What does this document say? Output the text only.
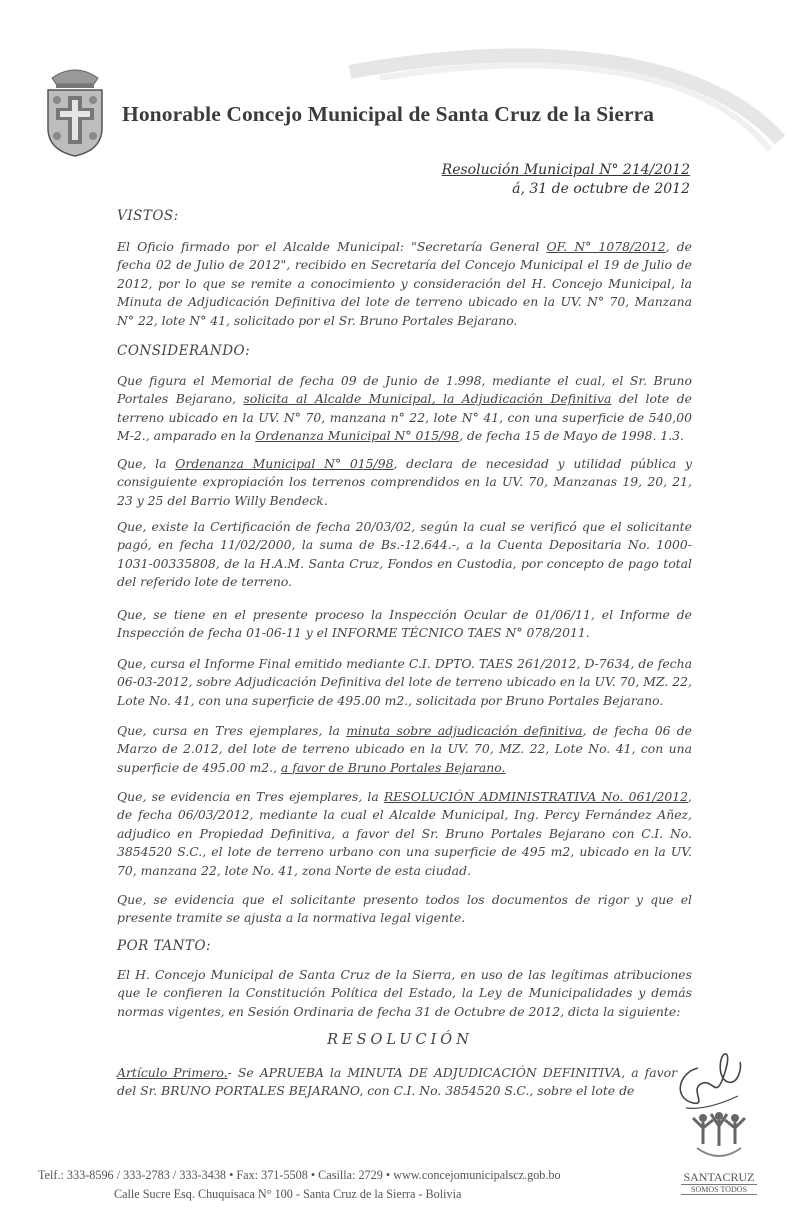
Honorable Concejo Municipal de Santa Cruz de la Sierra
Resolución Municipal N° 214/2012
á, 31 de octubre de 2012
VISTOS:

El Oficio firmado por el Alcalde Municipal: "Secretaría General OF. N° 1078/2012, de fecha 02 de Julio de 2012", recibido en Secretaría del Concejo Municipal el 19 de Julio de 2012, por lo que se remite a conocimiento y consideración del H. Concejo Municipal, la Minuta de Adjudicación Definitiva del lote de terreno ubicado en la UV. N° 70, Manzana N° 22, lote N° 41, solicitado por el Sr. Bruno Portales Bejarano.

CONSIDERANDO:

Que figura el Memorial de fecha 09 de Junio de 1.998, mediante el cual, el Sr. Bruno Portales Bejarano, solicita al Alcalde Municipal, la Adjudicación Definitiva del lote de terreno ubicado en la UV. N° 70, manzana n° 22, lote N° 41, con una superficie de 540,00 M-2., amparado en la Ordenanza Municipal N° 015/98, de fecha 15 de Mayo de 1998. 1.3.

Que, la Ordenanza Municipal N° 015/98, declara de necesidad y utilidad pública y consiguiente expropiación los terrenos comprendidos en la UV. 70, Manzanas 19, 20, 21, 23 y 25 del Barrio Willy Bendeck.

Que, existe la Certificación de fecha 20/03/02, según la cual se verificó que el solicitante pagó, en fecha 11/02/2000, la suma de Bs.-12.644.-, a la Cuenta Depositaria No. 1000-1031-00335808, de la H.A.M. Santa Cruz, Fondos en Custodia, por concepto de pago total del referido lote de terreno.

Que, se tiene en el presente proceso la Inspección Ocular de 01/06/11, el Informe de Inspección de fecha 01-06-11 y el INFORME TÉCNICO TAES N° 078/2011.

Que, cursa el Informe Final emitido mediante C.I. DPTO. TAES 261/2012, D-7634, de fecha 06-03-2012, sobre Adjudicación Definitiva del lote de terreno ubicado en la UV. 70, MZ. 22, Lote No. 41, con una superficie de 495.00 m2., solicitada por Bruno Portales Bejarano.

Que, cursa en Tres ejemplares, la minuta sobre adjudicación definitiva, de fecha 06 de Marzo de 2.012, del lote de terreno ubicado en la UV. 70, MZ. 22, Lote No. 41, con una superficie de 495.00 m2., a favor de Bruno Portales Bejarano.

Que, se evidencia en Tres ejemplares, la RESOLUCIÓN ADMINISTRATIVA No. 061/2012, de fecha 06/03/2012, mediante la cual el Alcalde Municipal, Ing. Percy Fernández Añez, adjudico en Propiedad Definitiva, a favor del Sr. Bruno Portales Bejarano con C.I. No. 3854520 S.C., el lote de terreno urbano con una superficie de 495 m2, ubicado en la UV. 70, manzana 22, lote No. 41, zona Norte de esta ciudad.

Que, se evidencia que el solicitante presento todos los documentos de rigor y que el presente tramite se ajusta a la normativa legal vigente.

POR TANTO:

El H. Concejo Municipal de Santa Cruz de la Sierra, en uso de las legítimas atribuciones que le confieren la Constitución Política del Estado, la Ley de Municipalidades y demás normas vigentes, en Sesión Ordinaria de fecha 31 de Octubre de 2012, dicta la siguiente:

RESOLUCIÓN

Artículo Primero.- Se APRUEBA la MINUTA DE ADJUDICACIÓN DEFINITIVA, a favor del Sr. BRUNO PORTALES BEJARANO, con C.I. No. 3854520 S.C., sobre el lote de

Telf.: 333-8596 / 333-2783 / 333-3438 • Fax: 371-5508 • Casilla: 2729 • www.concejomunicipalscz.gob.bo
Calle Sucre Esq. Chuquisaca N° 100 - Santa Cruz de la Sierra - Bolivia
SANTACRUZ
SOMOS TODOS
